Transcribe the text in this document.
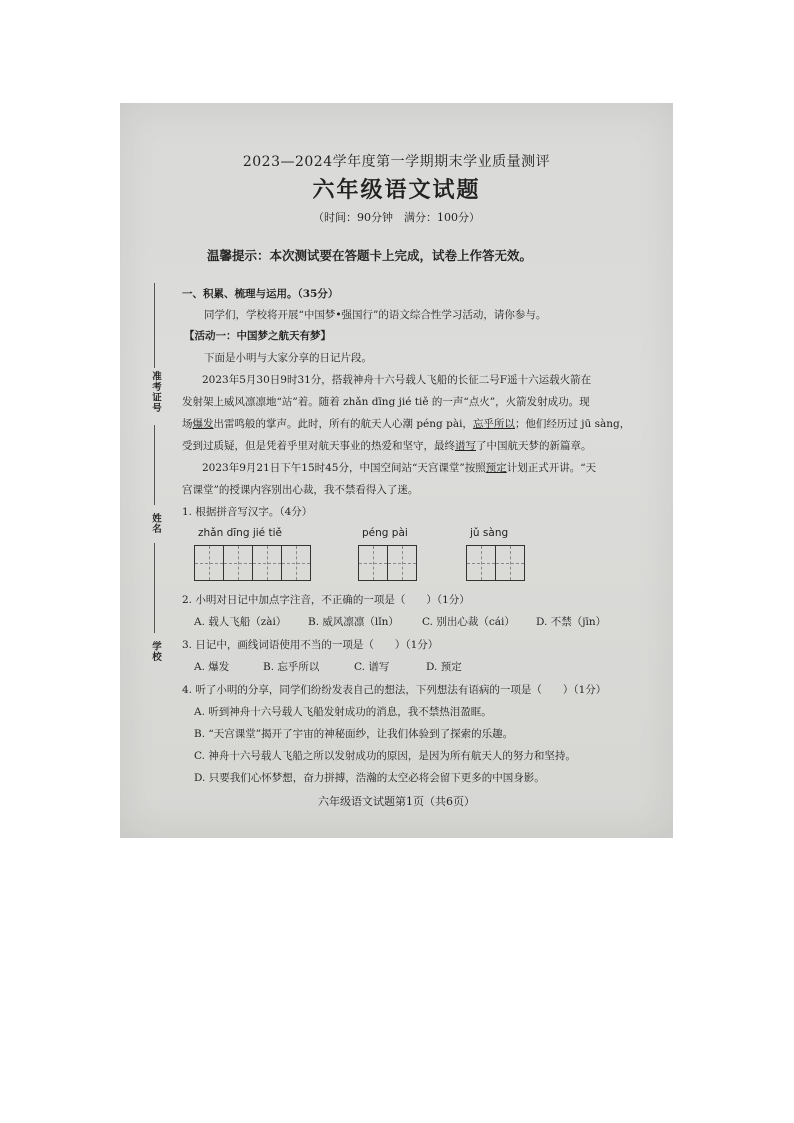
2023—2024学年度第一学期期末学业质量测评
六年级语文试题
（时间：90分钟　满分：100分）
温馨提示：本次测试要在答题卡上完成，试卷上作答无效。
准考证号
姓名
学校
一、积累、梳理与运用。（35分）
同学们，学校将开展“中国梦•强国行”的语文综合性学习活动，请你参与。
【活动一：中国梦之航天有梦】
下面是小明与大家分享的日记片段。
2023年5月30日9时31分，搭载神舟十六号载人飞船的长征二号F遥十六运载火箭在
发射架上威风凛凛地“站”着。随着 zhǎn dīng jié tiě 的一声“点火”，火箭发射成功。现
场爆发出雷鸣般的掌声。此时，所有的航天人心潮 péng pài，忘乎所以；他们经历过 jū sàng，
受到过质疑，但是凭着乎里对航天事业的热爱和坚守，最终谱写了中国航天梦的新篇章。
2023年9月21日下午15时45分，中国空间站“天宫课堂”按照预定计划正式开讲。“天
宫课堂”的授课内容别出心裁，我不禁看得入了迷。
1. 根据拼音写汉字。（4分）
zhǎn dīng jié tiě	péng pài	jǔ sàng
2. 小明对日记中加点字注音，不正确的一项是（　　）（1分）
A. 载人飞船（zài） B. 威风凛凛（lǐn） C. 别出心裁（cái） D. 不禁（jīn）
3. 日记中，画线词语使用不当的一项是（　　）（1分）
A. 爆发	B. 忘乎所以	C. 谱写	D. 预定
4. 听了小明的分享，同学们纷纷发表自己的想法，下列想法有语病的一项是（　　）（1分）
A. 听到神舟十六号载人飞船发射成功的消息，我不禁热泪盈眶。
B. “天宫课堂”揭开了宇宙的神秘面纱，让我们体验到了探索的乐趣。
C. 神舟十六号载人飞船之所以发射成功的原因，是因为所有航天人的努力和坚持。
D. 只要我们心怀梦想，奋力拼搏，浩瀚的太空必将会留下更多的中国身影。
六年级语文试题第1页（共6页）
